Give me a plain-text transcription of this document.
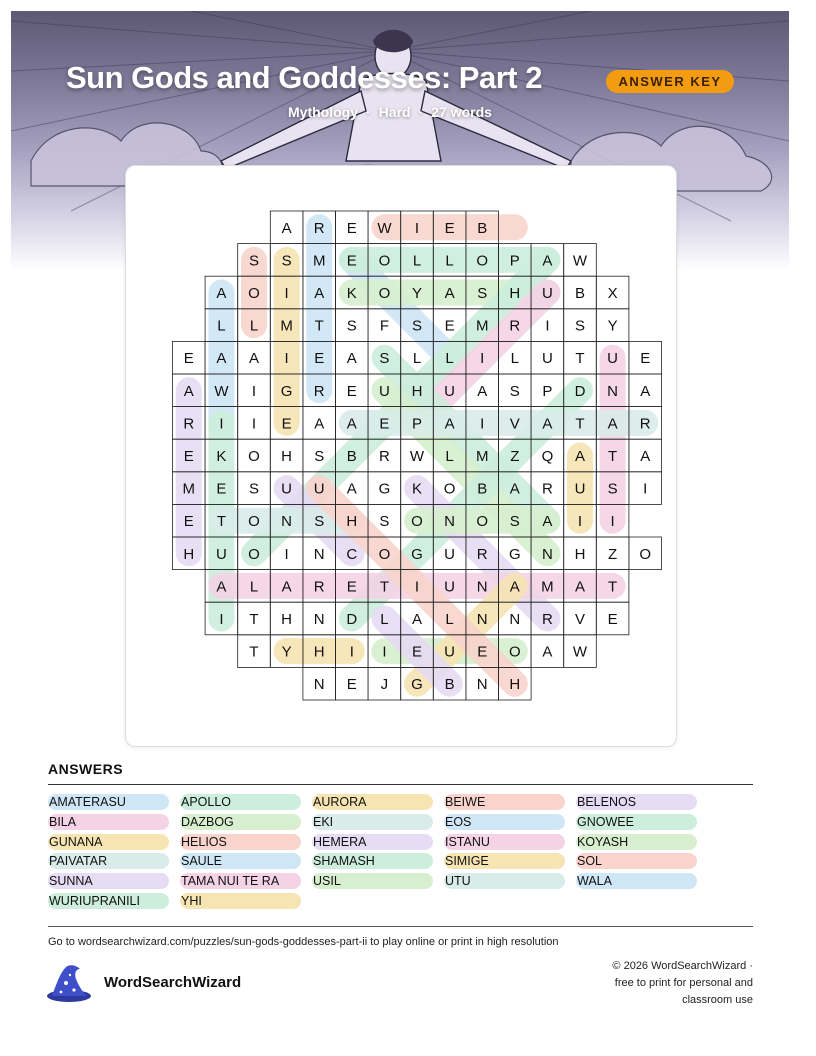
Sun Gods and Goddesses: Part 2	ANSWER KEY
Mythology · Hard · 27 words
A R E W I E B
S S M E O L L O P A W
A O I A K O Y A S H U B X
L L M T S F S E M R I S Y
E A A I E A S L L I L U T U E
A W I G R E U H U A S P D N A
R I I E A A E P A I V A T A R
E K O H S B R W L M Z Q A T A
M E S U U A G K O B A R U S I
E T O N S H S O N O S A I I
H U O I N C O G U R G N H Z O
A L A R E T I U N A M A T
I T H N D L A L N N R V E
T Y H I I E U E O A W
N E J G B N H
ANSWERS
AMATERASU	APOLLO	AURORA	BEIWE	BELENOS
BILA	DAZBOG	EKI	EOS	GNOWEE
GUNANA	HELIOS	HEMERA	ISTANU	KOYASH
PAIVATAR	SAULE	SHAMASH	SIMIGE	SOL
SUNNA	TAMA NUI TE RA	USIL	UTU	WALA
WURIUPRANILI	YHI
Go to wordsearchwizard.com/puzzles/sun-gods-goddesses-part-ii to play online or print in high resolution
WordSearchWizard
© 2026 WordSearchWizard ·
free to print for personal and
classroom use
